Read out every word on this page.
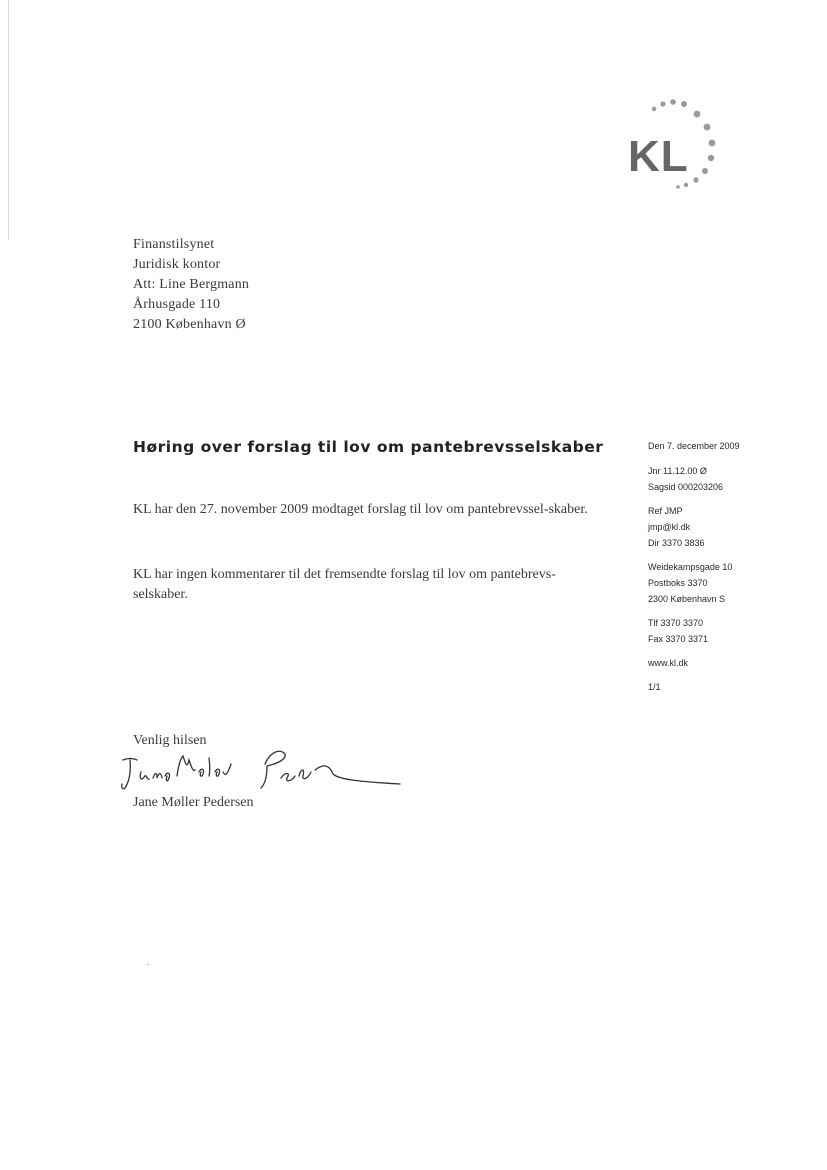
KL
Finanstilsynet
Juridisk kontor
Att: Line Bergmann
Århusgade 110
2100 København Ø
Høring over forslag til lov om pantebrevsselskaber
KL har den 27. november 2009 modtaget forslag til lov om pantebrevssel-skaber.
KL har ingen kommentarer til det fremsendte forslag til lov om pantebrevs-selskaber.
Venlig hilsen
Jane Møller Pedersen
Den 7. december 2009
Jnr 11.12.00 Ø
Sagsid 000203206
Ref JMP
jmp@kl.dk
Dir 3370 3836
Weidekampsgade 10
Postboks 3370
2300 København S
Tlf 3370 3370
Fax 3370 3371
www.kl.dk
1/1
